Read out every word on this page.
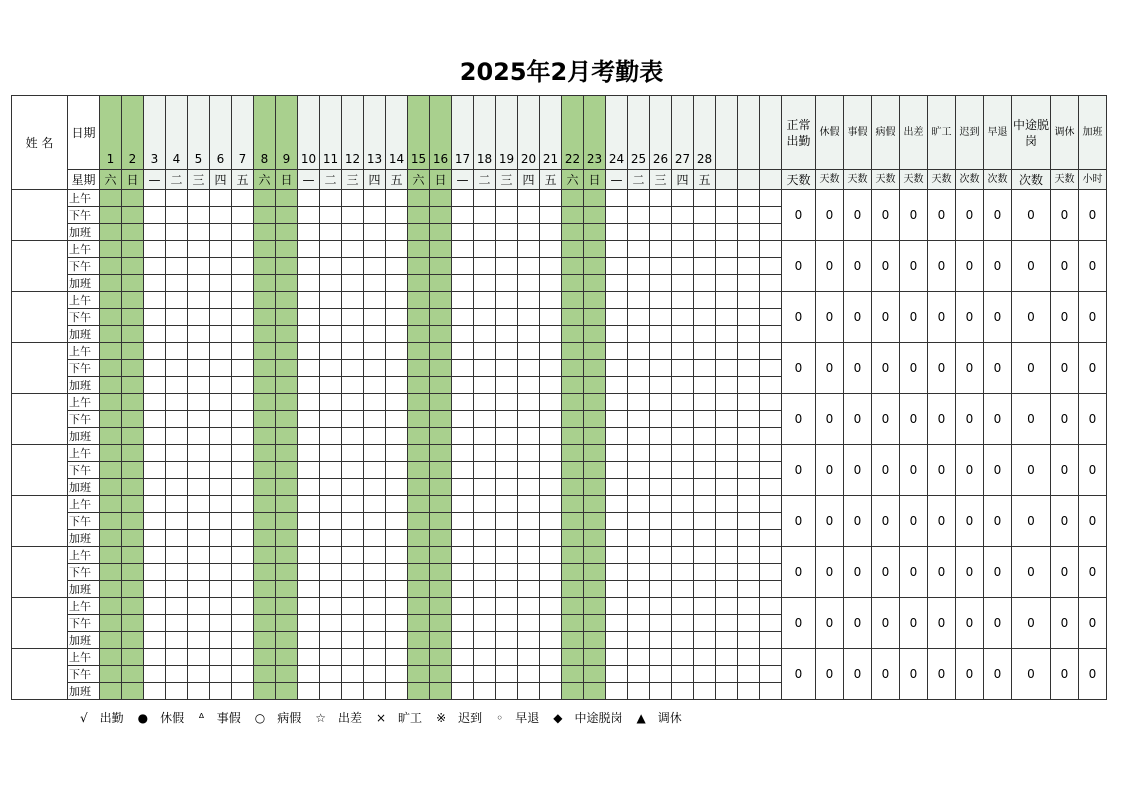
2025年2月考勤表
姓 名	日期	1	2	3	4	5	6	7	8	9	10	11	12	13	14	15	16	17	18	19	20	21	22	23	24	25	26	27	28				正常出勤	休假	事假	病假	出差	旷工	迟到	早退	中途脱岗	调休	加班
	星期	六	日	—	二	三	四	五	六	日	—	二	三	四	五	六	日	—	二	三	四	五	六	日	—	二	三	四	五				天数	天数	天数	天数	天数	天数	次数	次数	次数	天数	小时
	上午																																0	0	0	0	0	0	0	0	0	0	0
	下午																																										
	加班																																										
	上午																																0	0	0	0	0	0	0	0	0	0	0
	下午																																										
	加班																																										
	上午																																0	0	0	0	0	0	0	0	0	0	0
	下午																																										
	加班																																										
	上午																																0	0	0	0	0	0	0	0	0	0	0
	下午																																										
	加班																																										
	上午																																0	0	0	0	0	0	0	0	0	0	0
	下午																																										
	加班																																										
	上午																																0	0	0	0	0	0	0	0	0	0	0
	下午																																										
	加班																																										
	上午																																0	0	0	0	0	0	0	0	0	0	0
	下午																																										
	加班																																										
	上午																																0	0	0	0	0	0	0	0	0	0	0
	下午																																										
	加班																																										
	上午																																0	0	0	0	0	0	0	0	0	0	0
	下午																																										
	加班																																										
	上午																																0	0	0	0	0	0	0	0	0	0	0
	下午																																										
	加班																																										
√ 出勤 ● 休假 ᐞ 事假 ○ 病假 ☆ 出差 × 旷工 ※ 迟到 ◦ 早退 ◆ 中途脱岗 ▲ 调休
